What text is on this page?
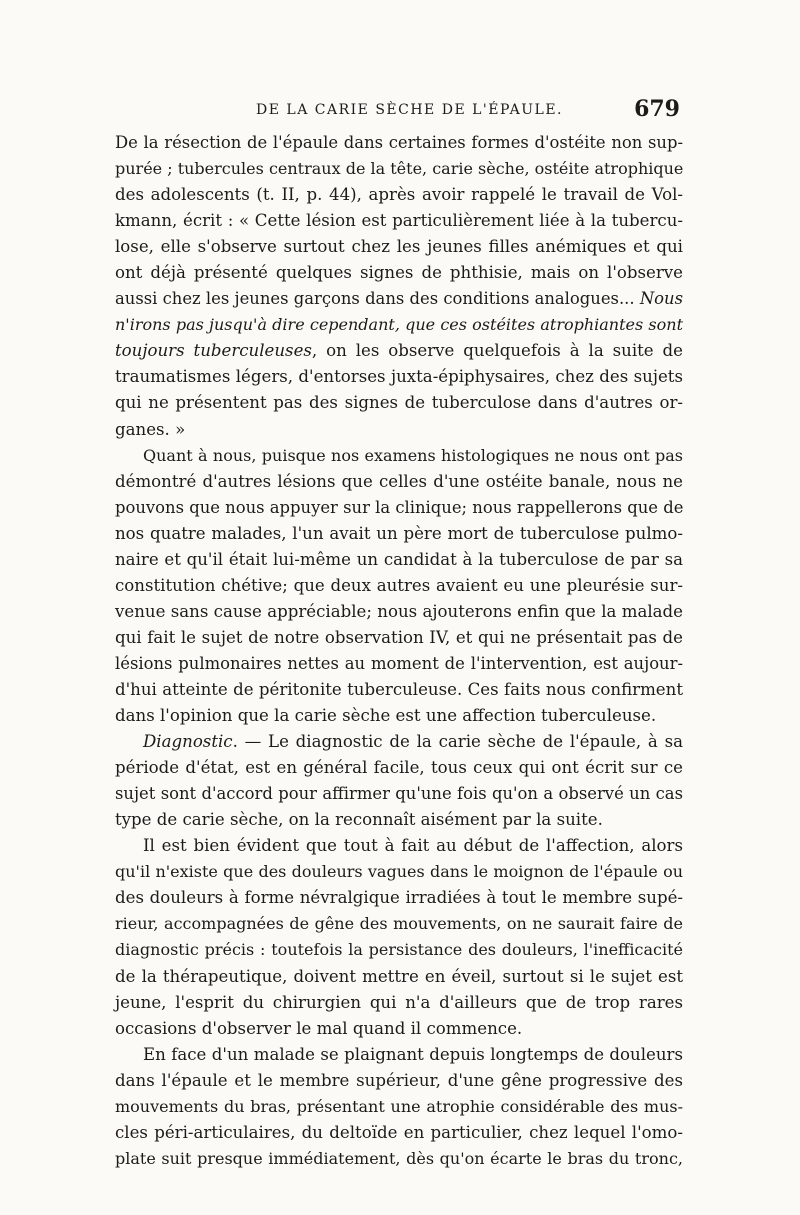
DE LA CARIE SÈCHE DE L'ÉPAULE.	679
De la résection de l'épaule dans certaines formes d'ostéite non sup-
purée ; tubercules centraux de la tête, carie sèche, ostéite atrophique
des adolescents (t. II, p. 44), après avoir rappelé le travail de Vol-
kmann, écrit : « Cette lésion est particulièrement liée à la tubercu-
lose, elle s'observe surtout chez les jeunes filles anémiques et qui
ont déjà présenté quelques signes de phthisie, mais on l'observe
aussi chez les jeunes garçons dans des conditions analogues... Nous
n'irons pas jusqu'à dire cependant, que ces ostéites atrophiantes sont
toujours tuberculeuses, on les observe quelquefois à la suite de
traumatismes légers, d'entorses juxta-épiphysaires, chez des sujets
qui ne présentent pas des signes de tuberculose dans d'autres or-
ganes. »
Quant à nous, puisque nos examens histologiques ne nous ont pas
démontré d'autres lésions que celles d'une ostéite banale, nous ne
pouvons que nous appuyer sur la clinique; nous rappellerons que de
nos quatre malades, l'un avait un père mort de tuberculose pulmo-
naire et qu'il était lui-même un candidat à la tuberculose de par sa
constitution chétive; que deux autres avaient eu une pleurésie sur-
venue sans cause appréciable; nous ajouterons enfin que la malade
qui fait le sujet de notre observation IV, et qui ne présentait pas de
lésions pulmonaires nettes au moment de l'intervention, est aujour-
d'hui atteinte de péritonite tuberculeuse. Ces faits nous confirment
dans l'opinion que la carie sèche est une affection tuberculeuse.
Diagnostic. — Le diagnostic de la carie sèche de l'épaule, à sa
période d'état, est en général facile, tous ceux qui ont écrit sur ce
sujet sont d'accord pour affirmer qu'une fois qu'on a observé un cas
type de carie sèche, on la reconnaît aisément par la suite.
Il est bien évident que tout à fait au début de l'affection, alors
qu'il n'existe que des douleurs vagues dans le moignon de l'épaule ou
des douleurs à forme névralgique irradiées à tout le membre supé-
rieur, accompagnées de gêne des mouvements, on ne saurait faire de
diagnostic précis : toutefois la persistance des douleurs, l'inefficacité
de la thérapeutique, doivent mettre en éveil, surtout si le sujet est
jeune, l'esprit du chirurgien qui n'a d'ailleurs que de trop rares
occasions d'observer le mal quand il commence.
En face d'un malade se plaignant depuis longtemps de douleurs
dans l'épaule et le membre supérieur, d'une gêne progressive des
mouvements du bras, présentant une atrophie considérable des mus-
cles péri-articulaires, du deltoïde en particulier, chez lequel l'omo-
plate suit presque immédiatement, dès qu'on écarte le bras du tronc,
